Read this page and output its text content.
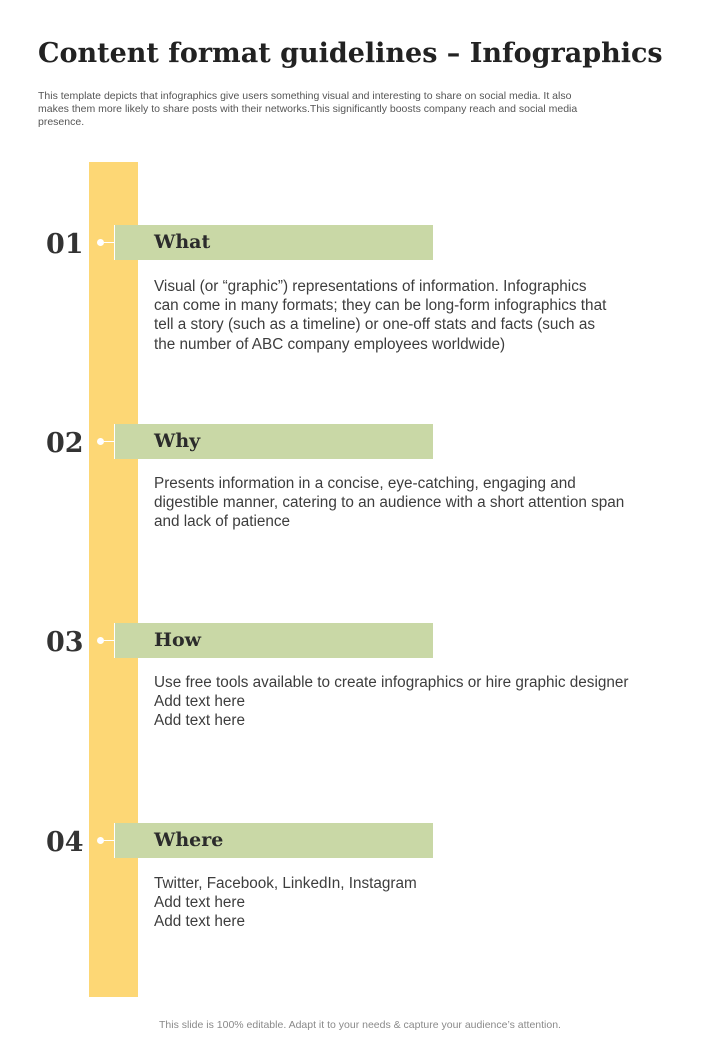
Content format guidelines – Infographics

This template depicts that infographics give users something visual and interesting to share on social media. It also makes them more likely to share posts with their networks.This significantly boosts company reach and social media presence.

01	What
Visual (or “graphic”) representations of information. Infographics
can come in many formats; they can be long-form infographics that
tell a story (such as a timeline) or one-off stats and facts (such as
the number of ABC company employees worldwide)
02	Why
Presents information in a concise, eye-catching, engaging and
digestible manner, catering to an audience with a short attention span
and lack of patience
03	How
Use free tools available to create infographics or hire graphic designer
Add text here
Add text here
04	Where
Twitter, Facebook, LinkedIn, Instagram
Add text here
Add text here
This slide is 100% editable. Adapt it to your needs & capture your audience’s attention.
